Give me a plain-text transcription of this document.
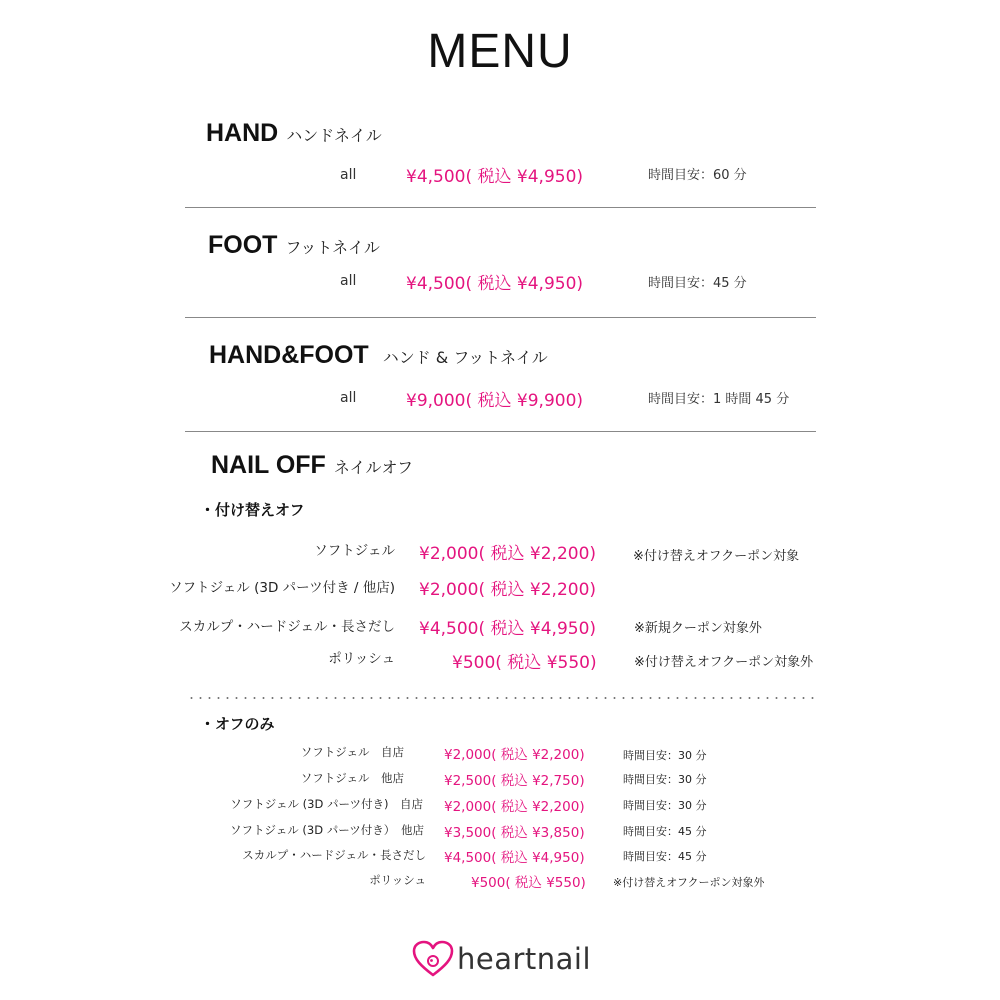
MENU
HAND ハンドネイル
all	¥4,500( 税込 ¥4,950)	時間目安：60 分
FOOT フットネイル
all	¥4,500( 税込 ¥4,950)	時間目安：45 分
HAND&FOOT ハンド & フットネイル
all	¥9,000( 税込 ¥9,900)	時間目安：1 時間 45 分
NAIL OFF ネイルオフ
・付け替えオフ
ソフトジェル ¥2,000( 税込 ¥2,200)	※付け替えオフクーポン対象
ソフトジェル (3D パーツ付き / 他店) ¥2,000( 税込 ¥2,200)
スカルプ・ハードジェル・長さだし ¥4,500( 税込 ¥4,950)	※新規クーポン対象外
ポリッシュ	¥500( 税込 ¥550)	※付け替えオフクーポン対象外
・オフのみ
ソフトジェル　自店	¥2,000( 税込 ¥2,200)	時間目安：30 分
ソフトジェル　他店	¥2,500( 税込 ¥2,750)	時間目安：30 分
ソフトジェル (3D パーツ付き)　自店 ¥2,000( 税込 ¥2,200)	時間目安：30 分
ソフトジェル (3D パーツ付き）　他店 ¥3,500( 税込 ¥3,850)	時間目安：45 分
スカルプ・ハードジェル・長さだし ¥4,500( 税込 ¥4,950)	時間目安：45 分
ポリッシュ	¥500( 税込 ¥550) ※付け替えオフクーポン対象外
heartnail
